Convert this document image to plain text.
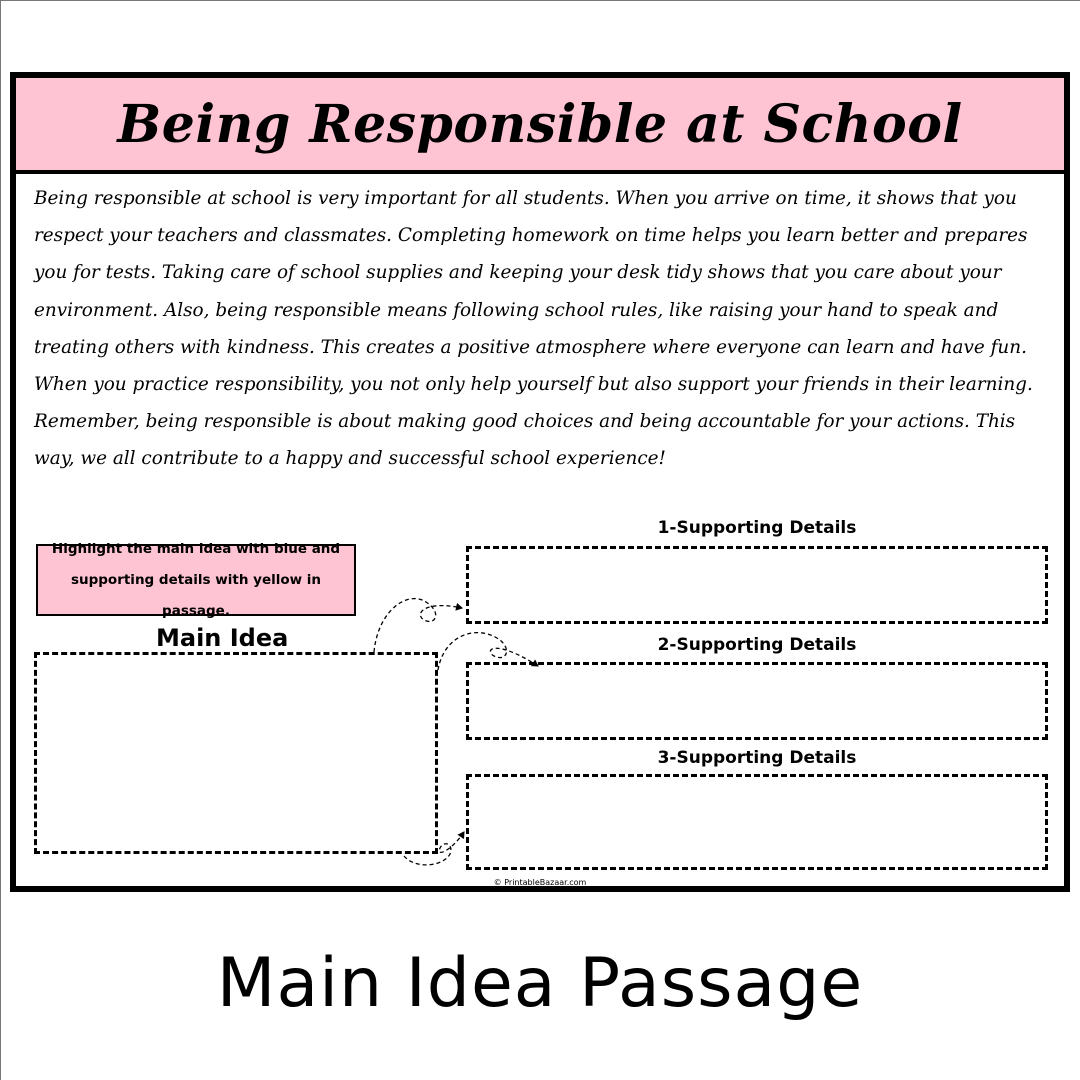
Being Responsible at School

Being responsible at school is very important for all students. When you arrive on time, it shows that you respect your teachers and classmates. Completing homework on time helps you learn better and prepares you for tests. Taking care of school supplies and keeping your desk tidy shows that you care about your environment. Also, being responsible means following school rules, like raising your hand to speak and treating others with kindness. This creates a positive atmosphere where everyone can learn and have fun. When you practice responsibility, you not only help yourself but also support your friends in their learning. Remember, being responsible is about making good choices and being accountable for your actions. This way, we all contribute to a happy and successful school experience!

Highlight the main idea with blue and
supporting details with yellow in passage.
Main Idea
1-Supporting Details
2-Supporting Details
3-Supporting Details
© PrintableBazaar.com
Main Idea Passage
